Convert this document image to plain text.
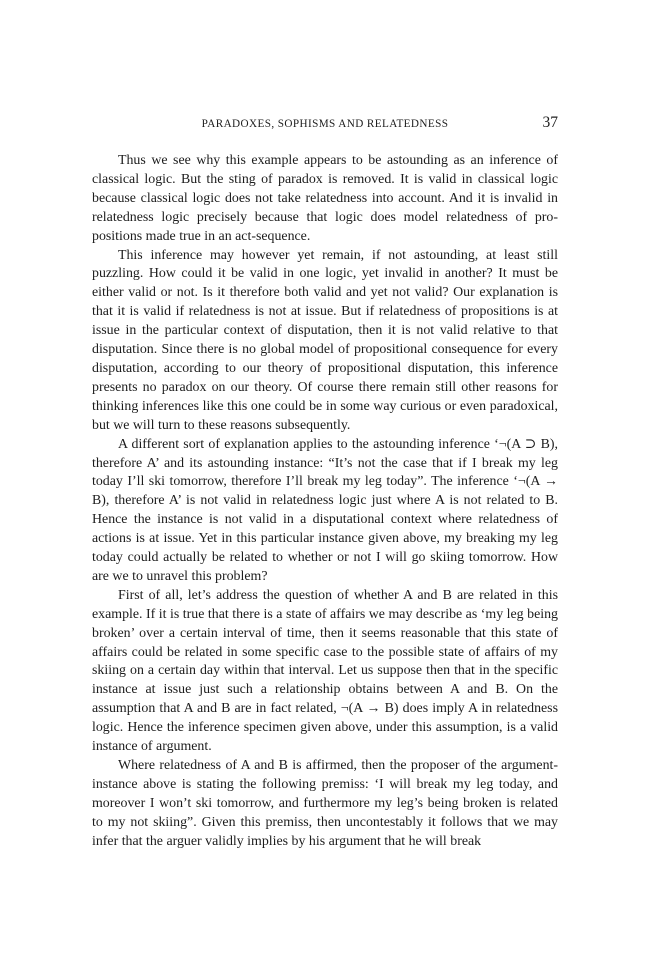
PARADOXES, SOPHISMS AND RELATEDNESS	37

Thus we see why this example appears to be astounding as an inference of classical logic. But the sting of paradox is removed. It is valid in classical logic because classical logic does not take relatedness into account. And it is invalid in relatedness logic precisely because that logic does model relatedness of propositions made true in an act-sequence.

This inference may however yet remain, if not astounding, at least still puzzling. How could it be valid in one logic, yet invalid in another? It must be either valid or not. Is it therefore both valid and yet not valid? Our explanation is that it is valid if relatedness is not at issue. But if relatedness of propositions is at issue in the particular context of disputation, then it is not valid relative to that disputation. Since there is no global model of propositional consequence for every disputation, according to our theory of propositional disputation, this inference presents no paradox on our theory. Of course there remain still other reasons for thinking inferences like this one could be in some way curious or even paradoxical, but we will turn to these reasons subsequently.

A different sort of explanation applies to the astounding inference ‘¬(A ⊃ B), therefore A’ and its astounding instance: “It’s not the case that if I break my leg today I’ll ski tomorrow, therefore I’ll break my leg today”. The inference ‘¬(A → B), therefore A’ is not valid in relatedness logic just where A is not related to B. Hence the instance is not valid in a disputational context where relatedness of actions is at issue. Yet in this particular instance given above, my breaking my leg today could actually be related to whether or not I will go skiing tomorrow. How are we to unravel this problem?

First of all, let’s address the question of whether A and B are related in this example. If it is true that there is a state of affairs we may describe as ‘my leg being broken’ over a certain interval of time, then it seems reasonable that this state of affairs could be related in some specific case to the possible state of affairs of my skiing on a certain day within that interval. Let us suppose then that in the specific instance at issue just such a relationship obtains between A and B. On the assumption that A and B are in fact related, ¬(A → B) does imply A in relatedness logic. Hence the inference specimen given above, under this assumption, is a valid instance of argument.

Where relatedness of A and B is affirmed, then the proposer of the argument-instance above is stating the following premiss: ‘I will break my leg today, and moreover I won’t ski tomorrow, and furthermore my leg’s being broken is related to my not skiing”. Given this premiss, then uncontestably it follows that we may infer that the arguer validly implies by his argument that he will break
